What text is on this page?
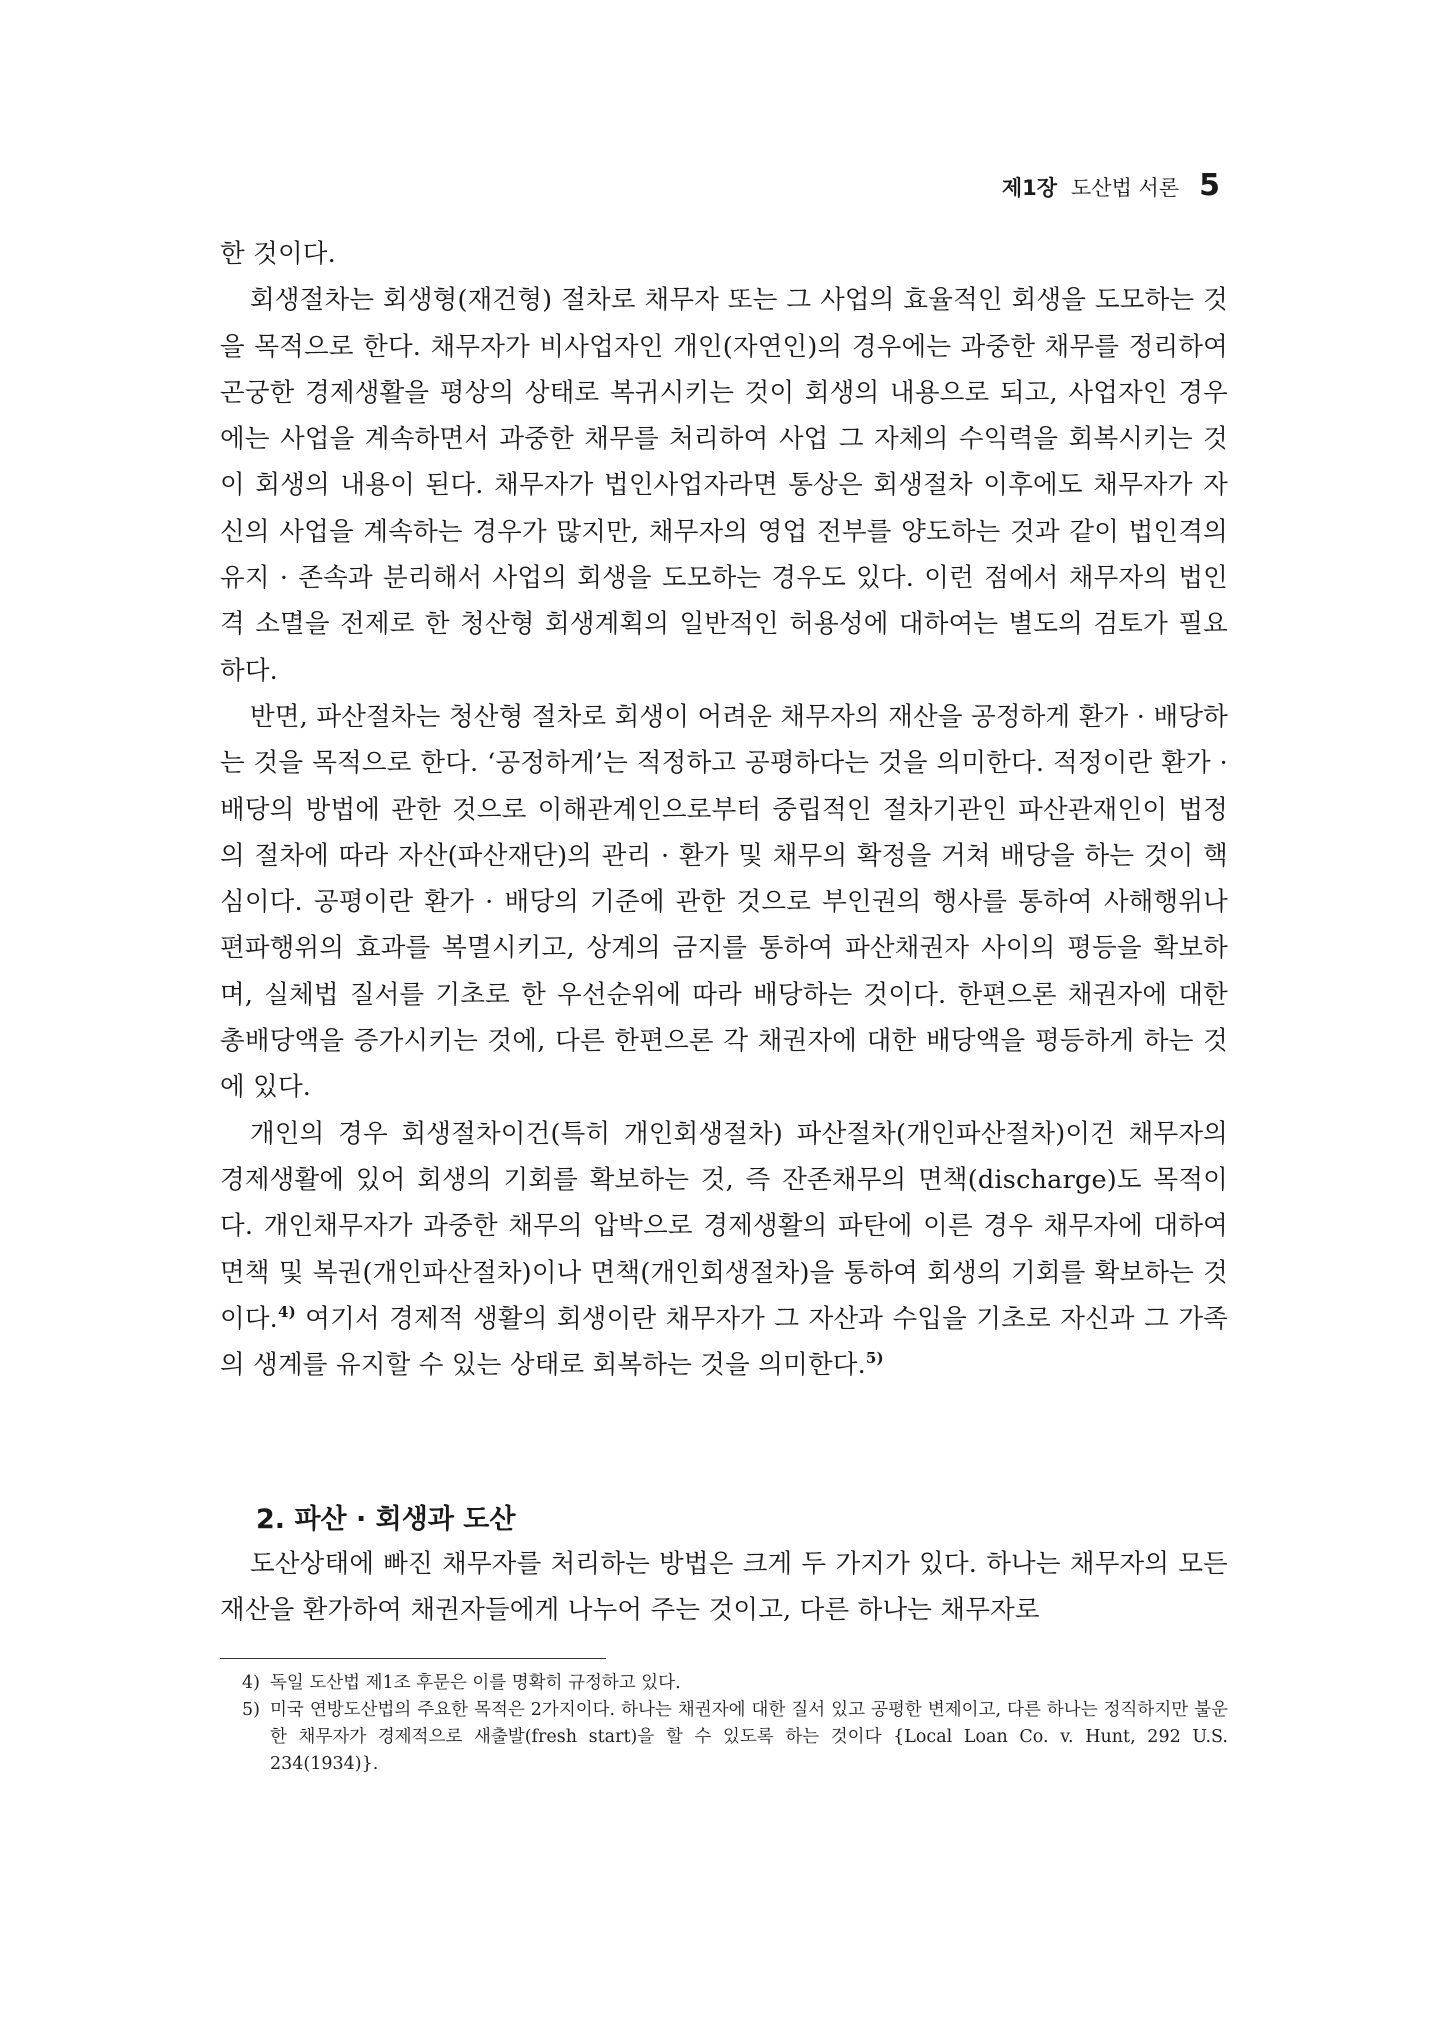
제1장 도산법 서론 5

한 것이다.

회생절차는 회생형(재건형) 절차로 채무자 또는 그 사업의 효율적인 회생을 도모하는 것을 목적으로 한다. 채무자가 비사업자인 개인(자연인)의 경우에는 과중한 채무를 정리하여 곤궁한 경제생활을 평상의 상태로 복귀시키는 것이 회생의 내용으로 되고, 사업자인 경우에는 사업을 계속하면서 과중한 채무를 처리하여 사업 그 자체의 수익력을 회복시키는 것이 회생의 내용이 된다. 채무자가 법인사업자라면 통상은 회생절차 이후에도 채무자가 자신의 사업을 계속하는 경우가 많지만, 채무자의 영업 전부를 양도하는 것과 같이 법인격의 유지 · 존속과 분리해서 사업의 회생을 도모하는 경우도 있다. 이런 점에서 채무자의 법인격 소멸을 전제로 한 청산형 회생계획의 일반적인 허용성에 대하여는 별도의 검토가 필요하다.

반면, 파산절차는 청산형 절차로 회생이 어려운 채무자의 재산을 공정하게 환가 · 배당하는 것을 목적으로 한다. ‘공정하게’는 적정하고 공평하다는 것을 의미한다. 적정이란 환가 · 배당의 방법에 관한 것으로 이해관계인으로부터 중립적인 절차기관인 파산관재인이 법정의 절차에 따라 자산(파산재단)의 관리 · 환가 및 채무의 확정을 거쳐 배당을 하는 것이 핵심이다. 공평이란 환가 · 배당의 기준에 관한 것으로 부인권의 행사를 통하여 사해행위나 편파행위의 효과를 복멸시키고, 상계의 금지를 통하여 파산채권자 사이의 평등을 확보하며, 실체법 질서를 기초로 한 우선순위에 따라 배당하는 것이다. 한편으론 채권자에 대한 총배당액을 증가시키는 것에, 다른 한편으론 각 채권자에 대한 배당액을 평등하게 하는 것에 있다.

개인의 경우 회생절차이건(특히 개인회생절차) 파산절차(개인파산절차)이건 채무자의 경제생활에 있어 회생의 기회를 확보하는 것, 즉 잔존채무의 면책(discharge)도 목적이다. 개인채무자가 과중한 채무의 압박으로 경제생활의 파탄에 이른 경우 채무자에 대하여 면책 및 복권(개인파산절차)이나 면책(개인회생절차)을 통하여 회생의 기회를 확보하는 것이다.$^{4)}$ 여기서 경제적 생활의 회생이란 채무자가 그 자산과 수입을 기초로 자신과 그 가족의 생계를 유지할 수 있는 상태로 회복하는 것을 의미한다.$^{5)}$

2. 파산 · 회생과 도산

도산상태에 빠진 채무자를 처리하는 방법은 크게 두 가지가 있다. 하나는 채무자의 모든 재산을 환가하여 채권자들에게 나누어 주는 것이고, 다른 하나는 채무자로

4) 독일 도산법 제1조 후문은 이를 명확히 규정하고 있다.
5) 미국 연방도산법의 주요한 목적은 2가지이다. 하나는 채권자에 대한 질서 있고 공평한 변제이고, 다른 하나는 정직하지만 불운한 채무자가 경제적으로 새출발(fresh start)을 할 수 있도록 하는 것이다 {Local Loan Co. v. Hunt, 292 U.S. 234(1934)}.
